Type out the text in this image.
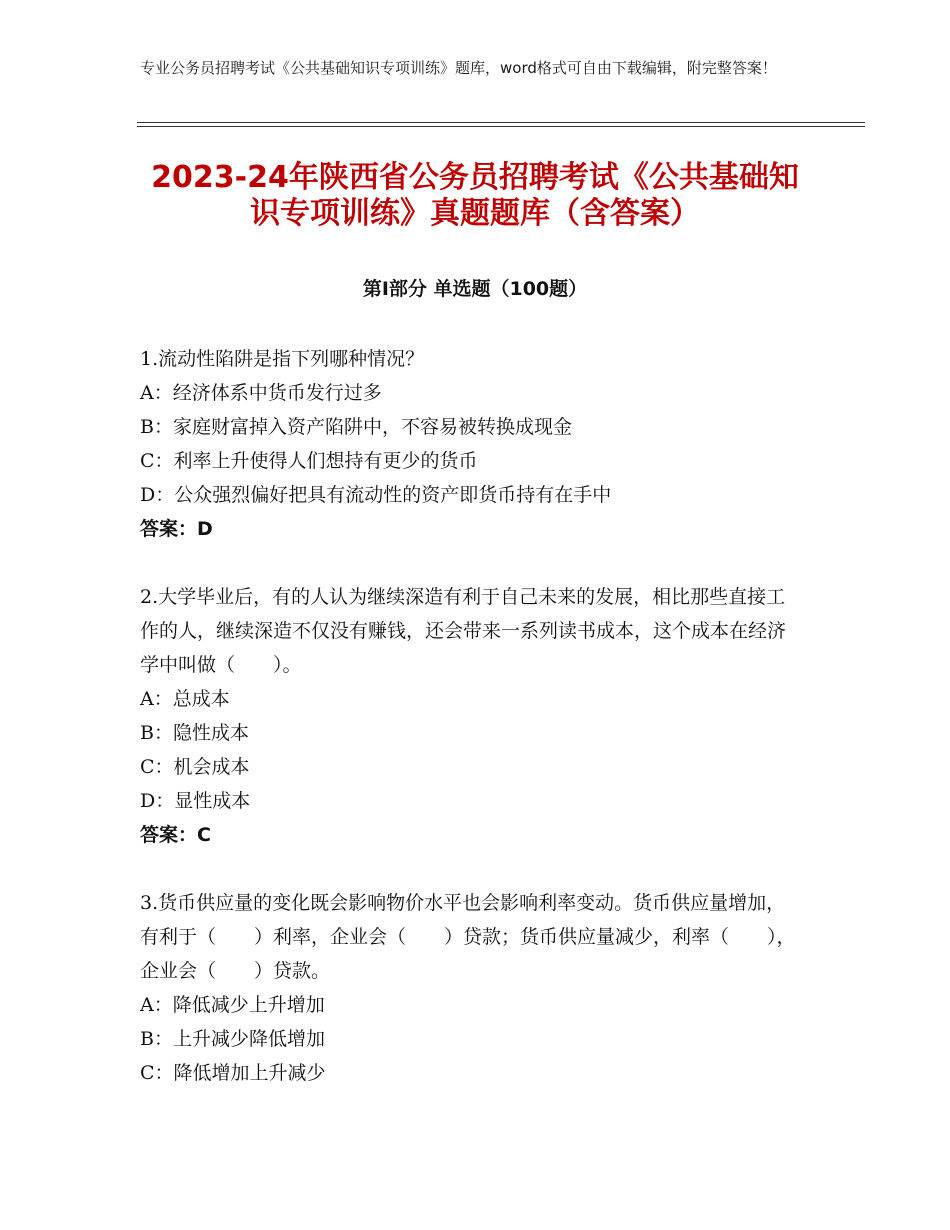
专业公务员招聘考试《公共基础知识专项训练》题库，word格式可自由下载编辑，附完整答案！
2023-24年陕西省公务员招聘考试《公共基础知识专项训练》真题题库（含答案）
第Ⅰ部分 单选题（100题）
1.流动性陷阱是指下列哪种情况？
A：经济体系中货币发行过多
B：家庭财富掉入资产陷阱中，不容易被转换成现金
C：利率上升使得人们想持有更少的货币
D：公众强烈偏好把具有流动性的资产即货币持有在手中
答案：D
2.大学毕业后，有的人认为继续深造有利于自己未来的发展，相比那些直接工作的人，继续深造不仅没有赚钱，还会带来一系列读书成本，这个成本在经济学中叫做（　　）。
A：总成本
B：隐性成本
C：机会成本
D：显性成本
答案：C
3.货币供应量的变化既会影响物价水平也会影响利率变动。货币供应量增加，有利于（　　）利率，企业会（　　）贷款；货币供应量减少，利率（　　），企业会（　　）贷款。
A：降低减少上升增加
B：上升减少降低增加
C：降低增加上升减少
